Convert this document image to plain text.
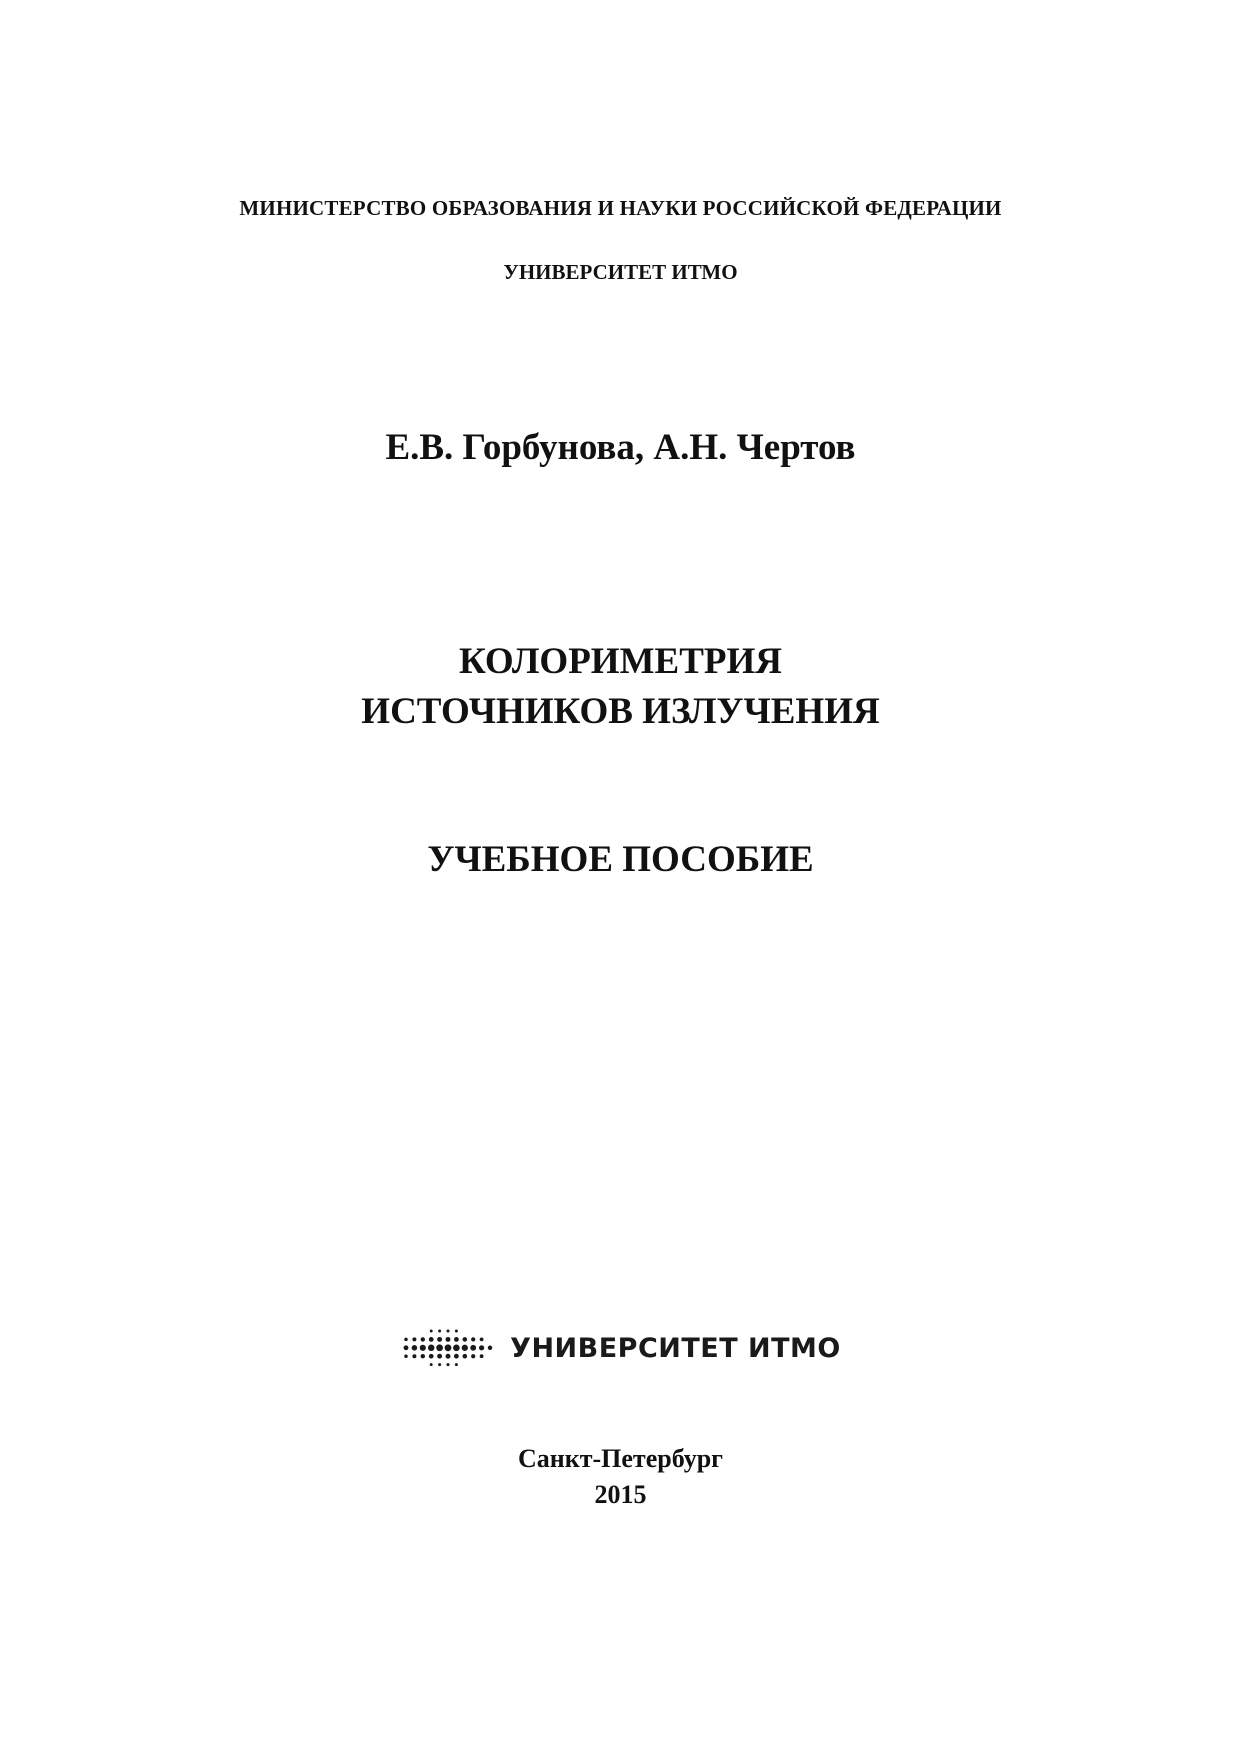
МИНИСТЕРСТВО ОБРАЗОВАНИЯ И НАУКИ РОССИЙСКОЙ ФЕДЕРАЦИИ
УНИВЕРСИТЕТ ИТМО
Е.В. Горбунова, А.Н. Чертов
КОЛОРИМЕТРИЯ
ИСТОЧНИКОВ ИЗЛУЧЕНИЯ
УЧЕБНОЕ ПОСОБИЕ
УНИВЕРСИТЕТ ИТМО
Санкт-Петербург
2015
